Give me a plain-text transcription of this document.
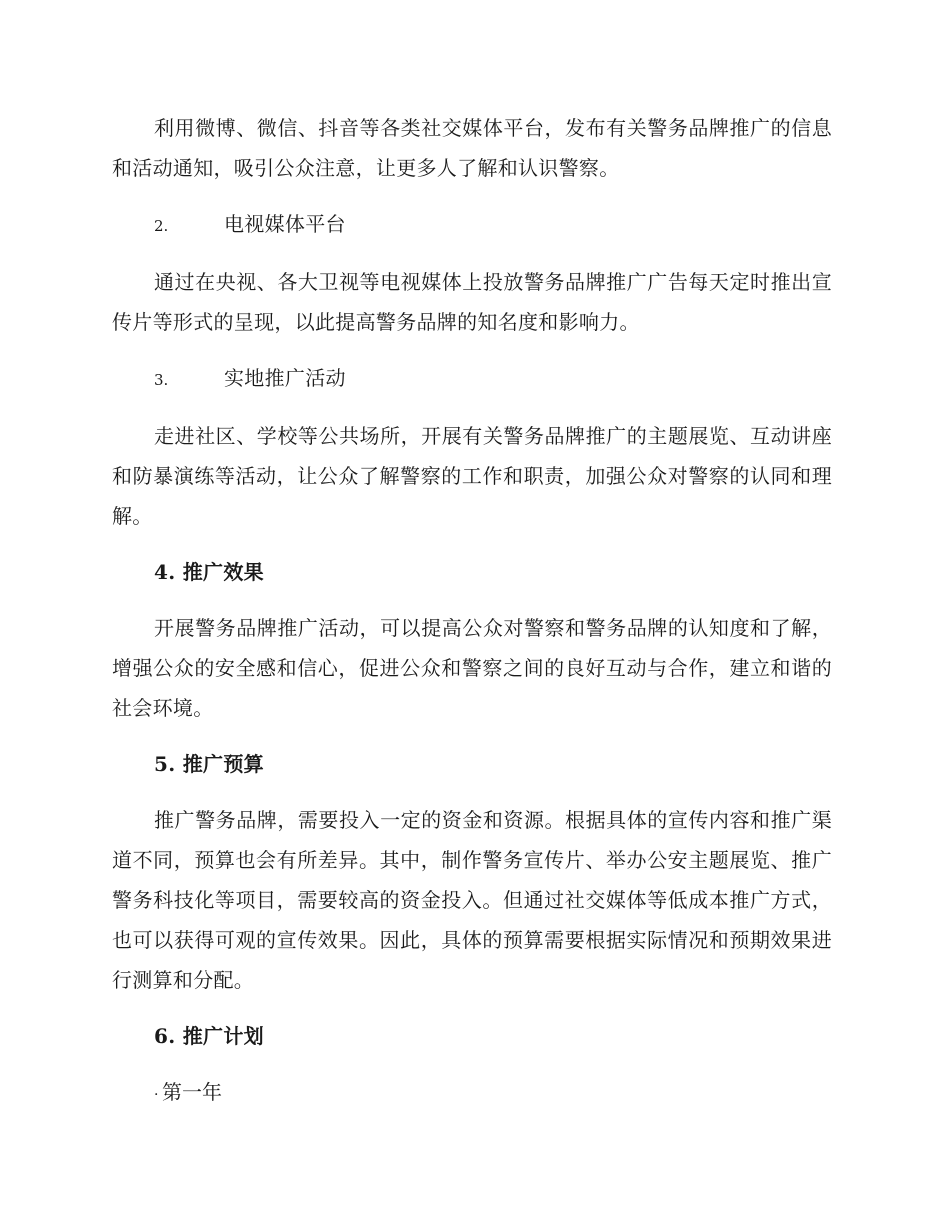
利用微博、微信、抖音等各类社交媒体平台，发布有关警务品牌推广的信息和活动通知，吸引公众注意，让更多人了解和认识警察。

2.	电视媒体平台

通过在央视、各大卫视等电视媒体上投放警务品牌推广广告每天定时推出宣传片等形式的呈现，以此提高警务品牌的知名度和影响力。

3.	实地推广活动

走进社区、学校等公共场所，开展有关警务品牌推广的主题展览、互动讲座和防暴演练等活动，让公众了解警察的工作和职责，加强公众对警察的认同和理解。

4. 推广效果

开展警务品牌推广活动，可以提高公众对警察和警务品牌的认知度和了解，增强公众的安全感和信心，促进公众和警察之间的良好互动与合作，建立和谐的社会环境。

5. 推广预算

推广警务品牌，需要投入一定的资金和资源。根据具体的宣传内容和推广渠道不同，预算也会有所差异。其中，制作警务宣传片、举办公安主题展览、推广警务科技化等项目，需要较高的资金投入。但通过社交媒体等低成本推广方式，也可以获得可观的宣传效果。因此，具体的预算需要根据实际情况和预期效果进行测算和分配。

6. 推广计划
· 第一年
